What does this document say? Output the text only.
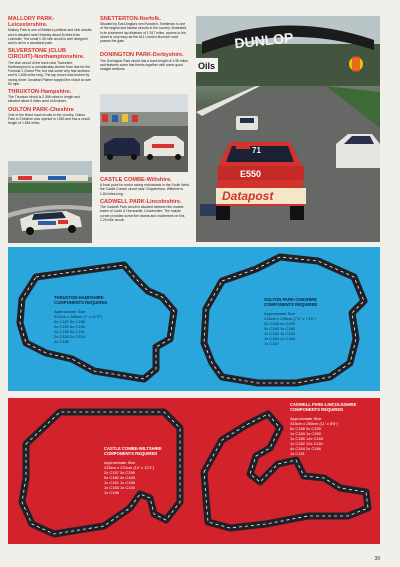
MALLORY PARK-Leicestershire.

Mallory Park is one of Britain's prettiest and club circuits and is situated near Hinckley about 8 miles from Leicester. The small 1.35 mile circuit is well designed and is set in a woodland park.

SILVERSTONE (CLUB CIRCUIT)-Northamptonshire.

The club circuit of the track near Towcester, Northampton is a considerably shorter than that for the Formula 1 Grand Prix, but has some very fast sections and is 1.608 miles long. The lap record was broken by racing driver Jonathan Palmer topped the circuit at over 83 mph.

THRUXTON-Hampshire.

The Thruxton circuit is 2.356 miles in length and situated about 5 miles west of Andover.

OULTON PARK-Cheshire

One of the finest road circuits in the country, Oulton Park in Cheshire was opened in 1953 and has a circuit length of 1.654 miles.

SNETTERTON-Norfolk.

Situated by East Anglia's next Norwich, Snetterton is one of the largest and fastest circuits in the country. Illustrated in its shortened lap distance of 1.917 miles, access to the circuit is very easy as the A11 London-Norwich road passes the gate.

DONINGTON PARK-Derbyshire.

The Donington Park circuit has a track length of 1.95 miles and features some fast bends together with some good straight sections.

CASTLE COMBE-Wiltshire.

A focal point for motor racing enthusiasts in the South West, the Castle Combe circuit near Chippenham, Wiltshire is 1.84 miles long.

CADWELL PARK-Lincolnshire.

The Cadwell Park circuit is situated between the market towns of Louth & Horncastle, Lincolnshire. The hairpin corner provides some fine drama and excitement on this 2.25 mile circuit.

DUNLOP
Oils
71
E550
Datapost
THRUXTON-HAMPSHIRE COMPONENTS REQUIRED
Approximate Size
232cm x 368cm (7' x 11'3")
2x C187 5x C158
2x C159 8x C150
1x C165 6x C151
2x C153 2x C154
4x C155
OULTON PARK-CHESHIRE COMPONENTS REQUIRED
Approximate Size
218cm x 238cm (7'2" x 7'10")
3x C158 4x C159
9x C160 1x C185
1x C162 1x C153
1x C164 1x C154
1x C157
CASTLE COMBE-WILTSHIRE COMPONENTS REQUIRED
Approximate Size
315cm x 370cm (10' x 12'1")
2x C157 3x C159
9x C160 4x C163
1x C161 1x C185
1x C153 1x C154
1x C156
CADWELL PARK-LINCOLNSHIRE COMPONENTS REQUIRED
Approximate Size
333cm x 260cm (11' x 8'6")
5x C158 9x C159
1x C163 1x C160
1x C185 14x C160
1x C162 12x C151
4x C154 2x C156
1x C151
39
